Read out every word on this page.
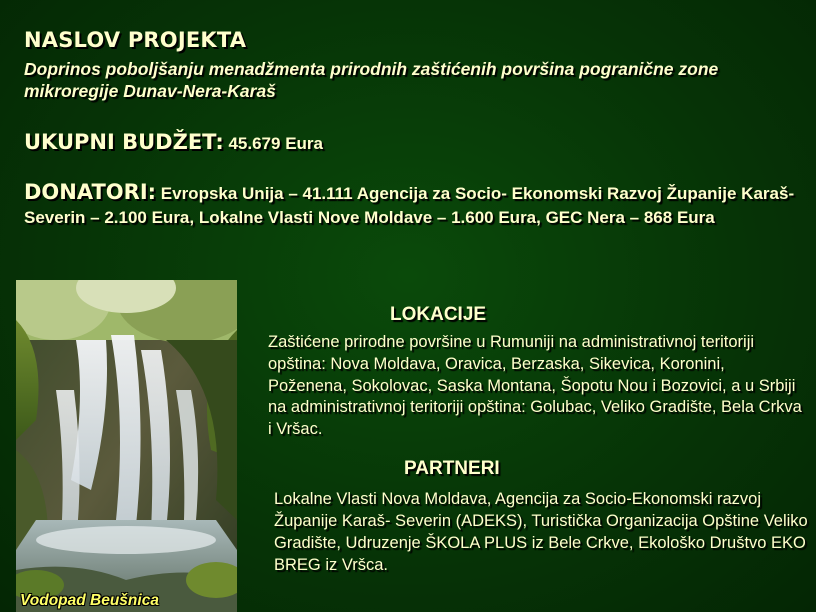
NASLOV PROJEKTA
Doprinos poboljšanju menadžmenta prirodnih zaštićenih površina pogranične zone mikroregije Dunav-Nera-Karaš
UKUPNI BUDŽET: 45.679 Eura
DONATORI: Evropska Unija – 41.111 Agencija za Socio- Ekonomski Razvoj Županije Karaš- Severin – 2.100 Eura, Lokalne Vlasti Nove Moldave – 1.600 Eura, GEC Nera – 868 Eura
Vodopad Beušnica
LOKACIJE
Zaštićene prirodne površine u Rumuniji na administrativnoj teritoriji opština: Nova Moldava, Oravica, Berzaska, Sikevica, Koronini, Poženena, Sokolovac, Saska Montana, Šopotu Nou i Bozovici, a u Srbiji na administrativnoj teritoriji opština: Golubac, Veliko Gradište, Bela Crkva i Vršac.
PARTNERI
Lokalne Vlasti Nova Moldava, Agencija za Socio-Ekonomski razvoj Županije Karaš- Severin (ADEKS), Turistička Organizacija Opštine Veliko Gradište, Udruzenje ŠKOLA PLUS iz Bele Crkve, Ekološko Društvo EKO BREG iz Vršca.
